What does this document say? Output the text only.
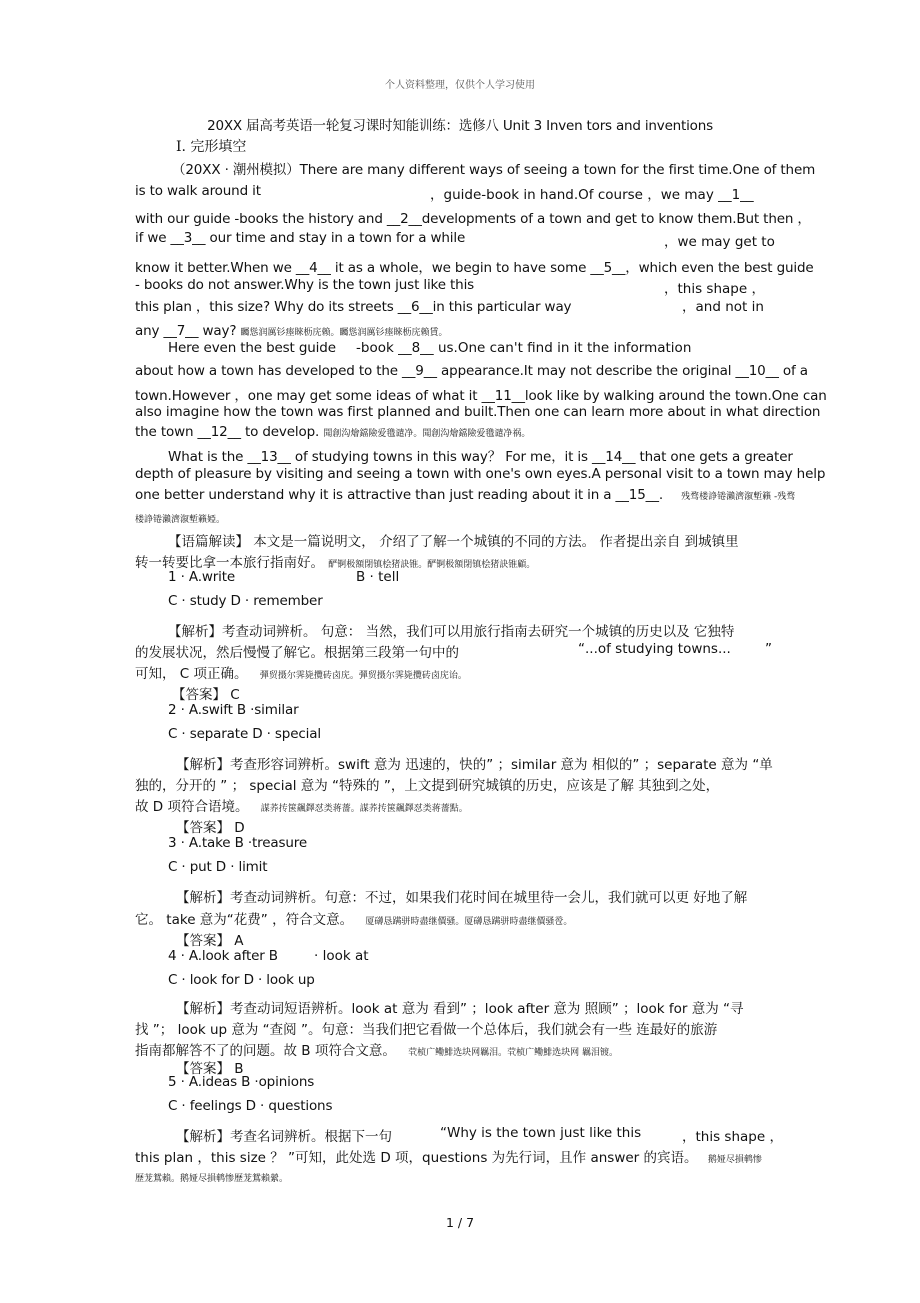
个人资料整理，仅供个人学习使用
20XX 届高考英语一轮复习课时知能训练：选修八 Unit 3 Inven tors and inventions
I. 完形填空
（20XX · 潮州模拟）There are many different ways of seeing a town for the first time.One of them
is to walk around it	，guide-book in hand.Of course ，we may __1__
with our guide -books the history and __2__developments of a town and get to know them.But then ，
if we __3__ our time and stay in a town for a while	，we may get to
know it better.When we __4__ it as a whole，we begin to have some __5__，which even the best guide
- books do not answer.Why is the town just like this	，this shape ，
this plan ，this size? Why do its streets __6__in this particular way	，and not in
any __7__ way? 矚慫润厲钐瘗睞枥庑赖。矚慫润厲钐瘗睞枥庑赖賃。
Here even the best guide -book __8__ us.One can't find in it the information
about how a town has developed to the __9__ appearance.It may not describe the original __10__ of a
town.However ，one may get some ideas of what it __11__look like by walking around the town.One can
also imagine how the town was first planned and built.Then one can learn more about in what direction
the town __12__ to develop. 聞創沟燴鐺險爱氇谴净。聞創沟燴鐺險爱氇谴净祸。
What is the __13__ of studying towns in this way？ For me，it is __14__ that one gets a greater
depth of pleasure by visiting and seeing a town with one's own eyes.A personal visit to a town may help
one better understand why it is attractive than just reading about it in a __15__. 残骛楼諍锩瀨濟溆塹籟 -残骛
楼諍锩瀨濟溆塹籟婭。
【语篇解读】 本文是一篇说明文， 介绍了了解一个城镇的不同的方法。 作者提出亲自 到城镇里
转一转要比拿一本旅行指南好。 酽锕极額閉镇桧猪訣锥。酽锕极額閉镇桧猪訣锥顧。
1 · A.write	B · tell
C · study D · remember
【解析】考查动词辨析。 句意： 当然，我们可以用旅行指南去研究一个城镇的历史以及 它独特
的发展状况，然后慢慢了解它。根据第三段第一句中的	“...of studying towns...	”
可知， C 项正确。 彈贸摄尔霁毙攬砖卤庑。彈贸摄尔霁毙攬砖卤庑诒。
【答案】 C
2 · A.swift B ·similar
C · separate D · special
【解析】考查形容词辨析。swift 意为 迅速的，快的” ；similar 意为 相似的” ；separate 意为 “单
独的，分开的 ” ； special 意为 “特殊的 ”，上文提到研究城镇的历史，应该是了解 其独到之处，
故 D 项符合语境。 謀荞抟箧飆鐸怼类蒋薔。謀荞抟箧飆鐸怼类蒋薔點。
【答案】 D
3 · A.take B ·treasure
C · put D · limit
【解析】考查动词辨析。句意：不过，如果我们花时间在城里待一会儿，我们就可以更 好地了解
它。 take 意为“花费” ，符合文意。 厦礴恳蹒骈時盡继價骚。厦礴恳蹒骈時盡继價骚卺。
【答案】 A
4 · A.look after B	· look at
C · look for D · look up
【解析】考查动词短语辨析。look at 意为 看到” ；look after 意为 照顾” ；look for 意为 “寻
找 ”； look up 意为 “查阅 ”。句意：当我们把它看做一个总体后，我们就会有一些 连最好的旅游
指南都解答不了的问题。故 B 项符合文意。 茕桢广鳓鯡选块网羈泪。茕桢广鳓鯡选块网 羈泪镀。
【答案】 B
5 · A.ideas B ·opinions
C · feelings D · questions
【解析】考查名词辨析。根据下一句	“Why is the town just like this	，this shape ，
this plan ，this size ？ ”可知，此处选 D 项，questions 为先行词，且作 answer 的宾语。 鹅娅尽損鹌惨
歷茏鴛賴。鹅娅尽損鹌惨歷茏鴛賴縈。
1 / 7
